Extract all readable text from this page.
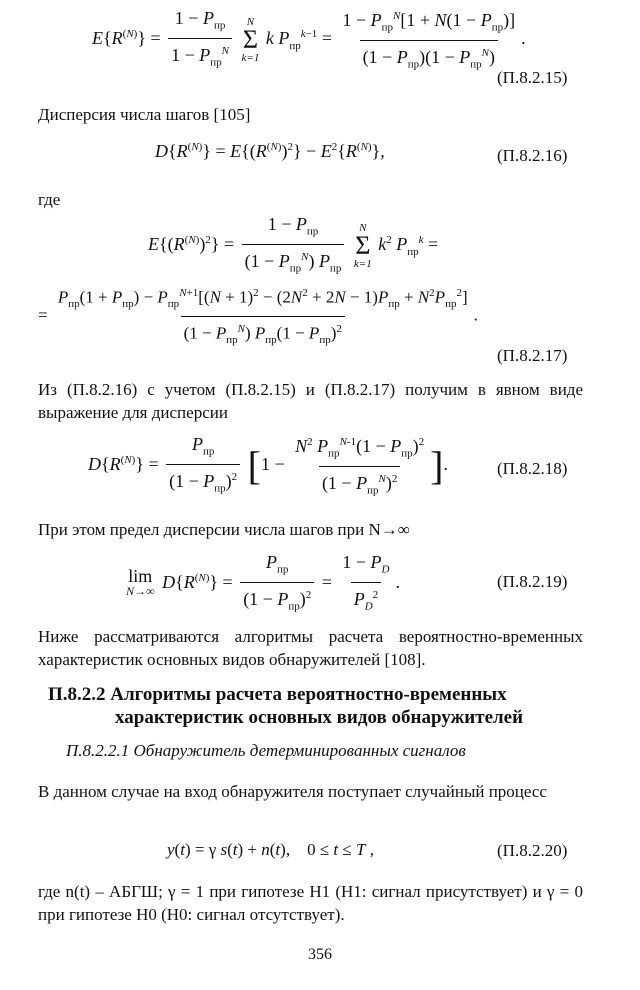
$E\{R^{(N)}\} = \frac{1 - P_{пр}}{1 - P_{пр}^N}$
N
Σ
k=1
k $P_{пр}^{k-1} = \frac{1 - P_{пр}^N[1 + N(1 - P_{пр})]}{(1 - P_{пр})(1 - P_{пр}^N)}$ .
(П.8.2.15)
Дисперсия числа шагов [105]
$D\{R^{(N)}\} = E\{(R^{(N)})^2\} - E^2\{R^{(N)}\}$,	(П.8.2.16)
где
$E\{(R^{(N)})^2\} = \frac{1 - P_{пр}}{(1 - P_{пр}^N) P_{пр}}$
N
Σ
k=1
$k^2$ $P_{пр}^k$ =
= $\frac{P_{пр}(1 + P_{пр}) - P_{пр}^{N+1}[(N + 1)^2 - (2N^2 + 2N - 1)P_{пр} + N^2P_{пр}^2]}{(1 - P_{пр}^N) P_{пр}(1 - P_{пр})^2}$ .
(П.8.2.17)
Из (П.8.2.16) с учетом (П.8.2.15) и (П.8.2.17) получим в явном виде выражение для дисперсии
$D\{R^{(N)}\} = \frac{P_{пр}}{(1 - P_{пр})^2} [1 - \frac{N^2 P_{пр}^{N-1}(1 - P_{пр})^2}{(1 - P_{пр}^N)^2}$ ].	(П.8.2.18)
При этом предел дисперсии числа шагов при N→∞
lim
N→∞ $D\{R^{(N)}\} = \frac{P_{пр}}{(1 - P_{пр})^2} = \frac{1 - P_D}{P_D^2}$ .	(П.8.2.19)
Ниже рассматриваются алгоритмы расчета вероятностно-временных характеристик основных видов обнаружителей [108].
П.8.2.2 Алгоритмы расчета вероятностно-временных
характеристик основных видов обнаружителей
П.8.2.2.1 Обнаружитель детерминированных сигналов
В данном случае на вход обнаружителя поступает случайный процесс
y(t) = γ s(t) + n(t),    0 ≤ t ≤ T ,	(П.8.2.20)
где n(t) – АБГШ; γ = 1 при гипотезе H1 (H1: сигнал присутствует) и γ = 0 при гипотезе H0 (H0: сигнал отсутствует).
356
